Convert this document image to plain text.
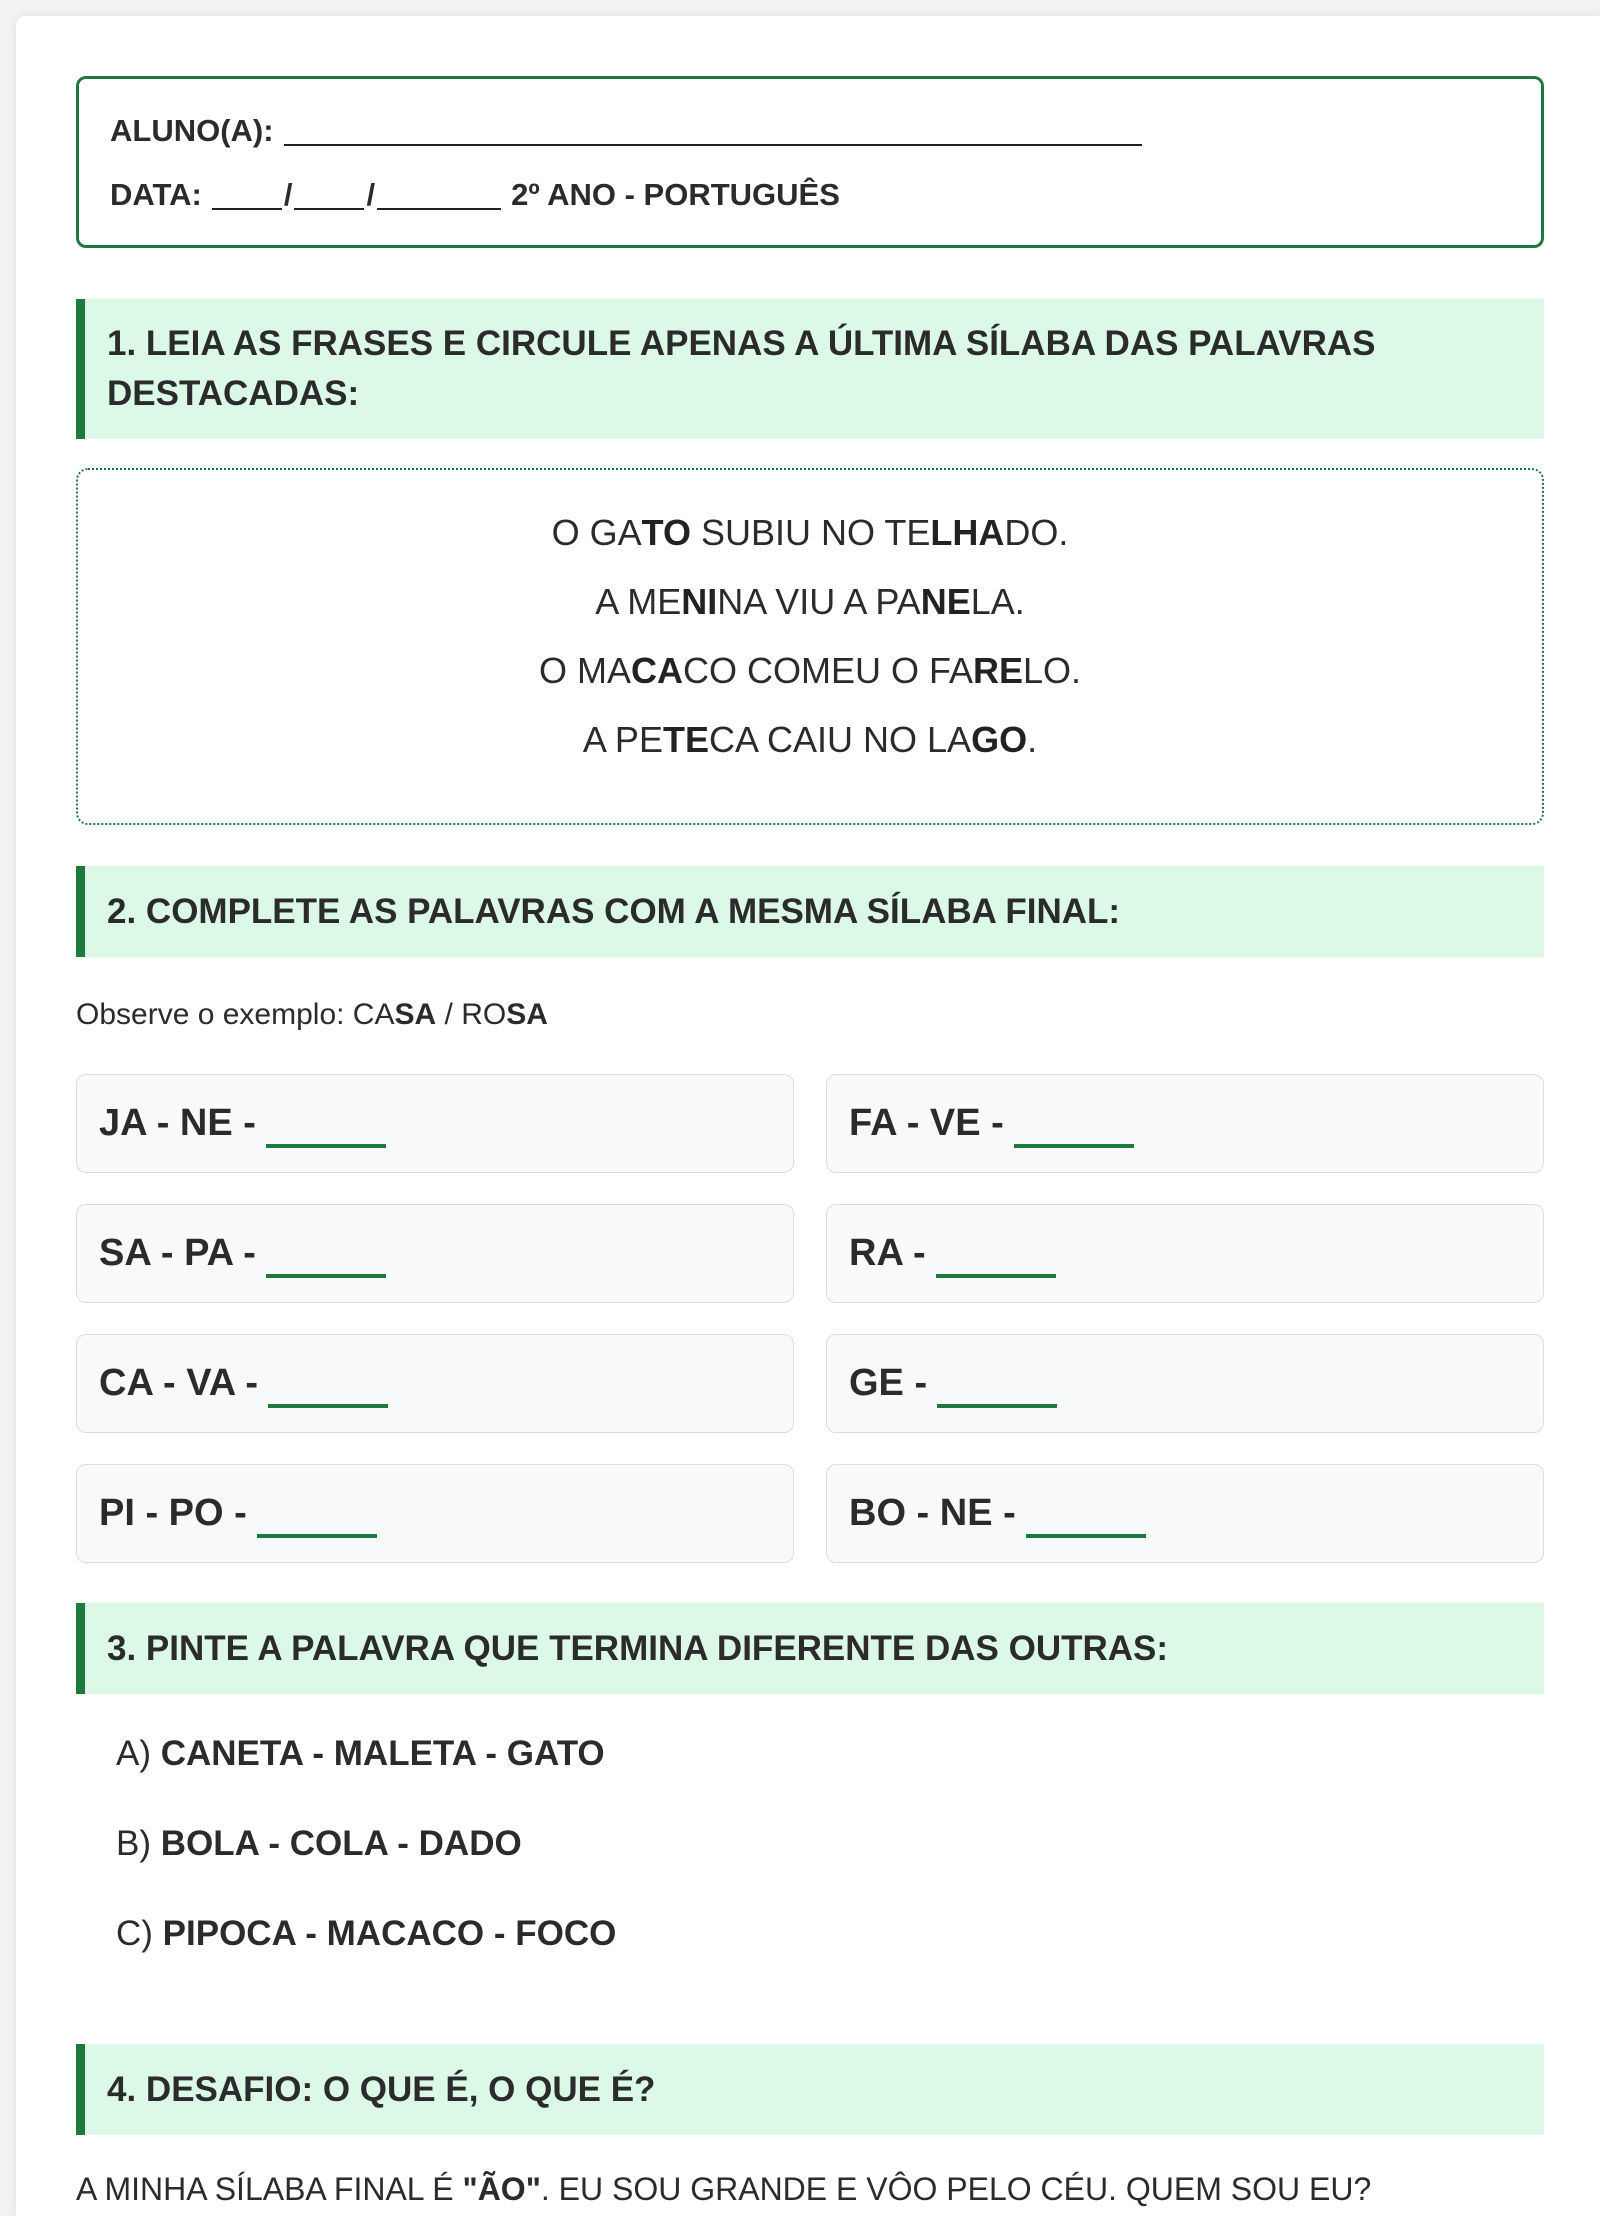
ALUNO(A):
DATA:	/ /	2º ANO - PORTUGUÊS
1. LEIA AS FRASES E CIRCULE APENAS A ÚLTIMA SÍLABA DAS PALAVRAS DESTACADAS:
O GATO SUBIU NO TELHADO.
A MENINA VIU A PANELA.
O MACACO COMEU O FARELO.
A PETECA CAIU NO LAGO.
2. COMPLETE AS PALAVRAS COM A MESMA SÍLABA FINAL:
Observe o exemplo: CASA / ROSA
JA - NE -	FA - VE -
SA - PA -	RA -
CA - VA -	GE -
PI - PO -	BO - NE -
3. PINTE A PALAVRA QUE TERMINA DIFERENTE DAS OUTRAS:
A) CANETA - MALETA - GATO
B) BOLA - COLA - DADO
C) PIPOCA - MACACO - FOCO
4. DESAFIO: O QUE É, O QUE É?
A MINHA SÍLABA FINAL É "ÃO". EU SOU GRANDE E VÔO PELO CÉU. QUEM SOU EU?
